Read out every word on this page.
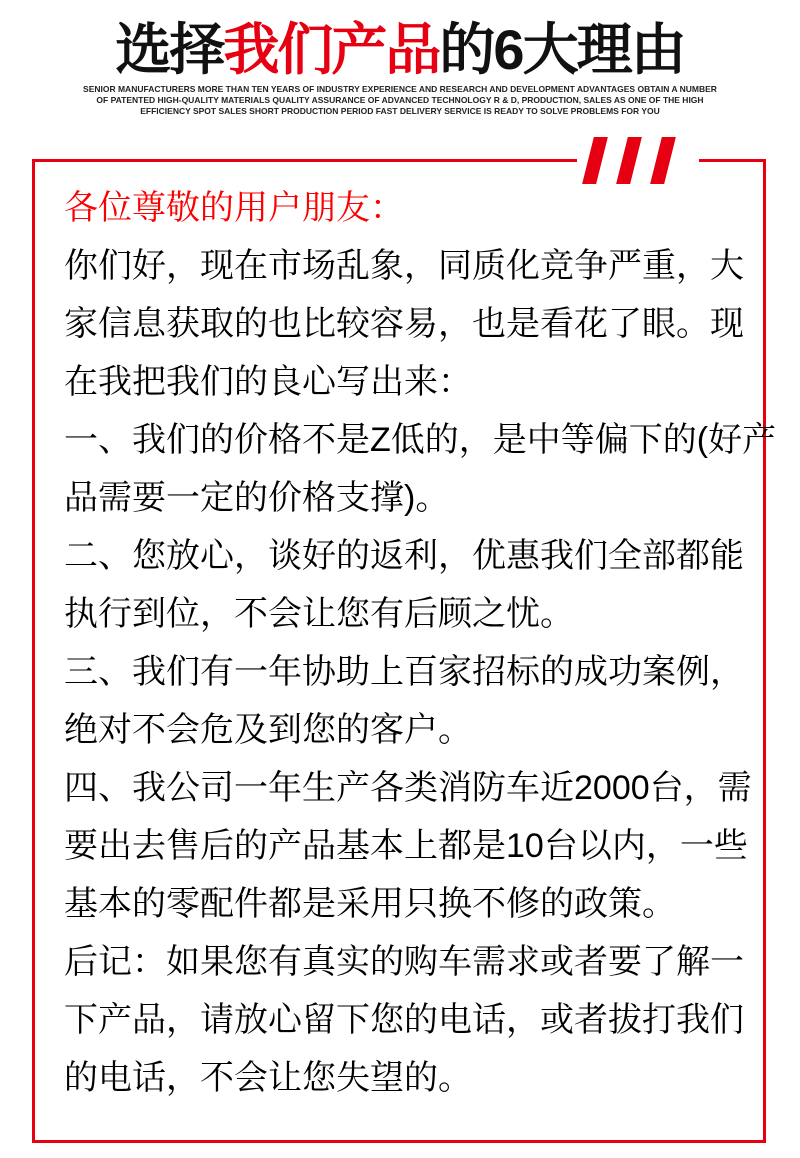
选择我们产品的6大理由
SENIOR MANUFACTURERS MORE THAN TEN YEARS OF INDUSTRY EXPERIENCE AND RESEARCH AND DEVELOPMENT ADVANTAGES OBTAIN A NUMBER
OF PATENTED HIGH-QUALITY MATERIALS QUALITY ASSURANCE OF ADVANCED TECHNOLOGY R & D, PRODUCTION, SALES AS ONE OF THE HIGH
EFFICIENCY SPOT SALES SHORT PRODUCTION PERIOD FAST DELIVERY SERVICE IS READY TO SOLVE PROBLEMS FOR YOU

各位尊敬的用户朋友：

你们好，现在市场乱象，同质化竞争严重，大

家信息获取的也比较容易，也是看花了眼。现

在我把我们的良心写出来：

一、我们的价格不是Z低的，是中等偏下的(好产

品需要一定的价格支撑)。

二、您放心，谈好的返利，优惠我们全部都能

执行到位，不会让您有后顾之忧。

三、我们有一年协助上百家招标的成功案例，

绝对不会危及到您的客户。

四、我公司一年生产各类消防车近2000台，需

要出去售后的产品基本上都是10台以内，一些

基本的零配件都是采用只换不修的政策。

后记：如果您有真实的购车需求或者要了解一

下产品，请放心留下您的电话，或者拔打我们

的电话，不会让您失望的。
